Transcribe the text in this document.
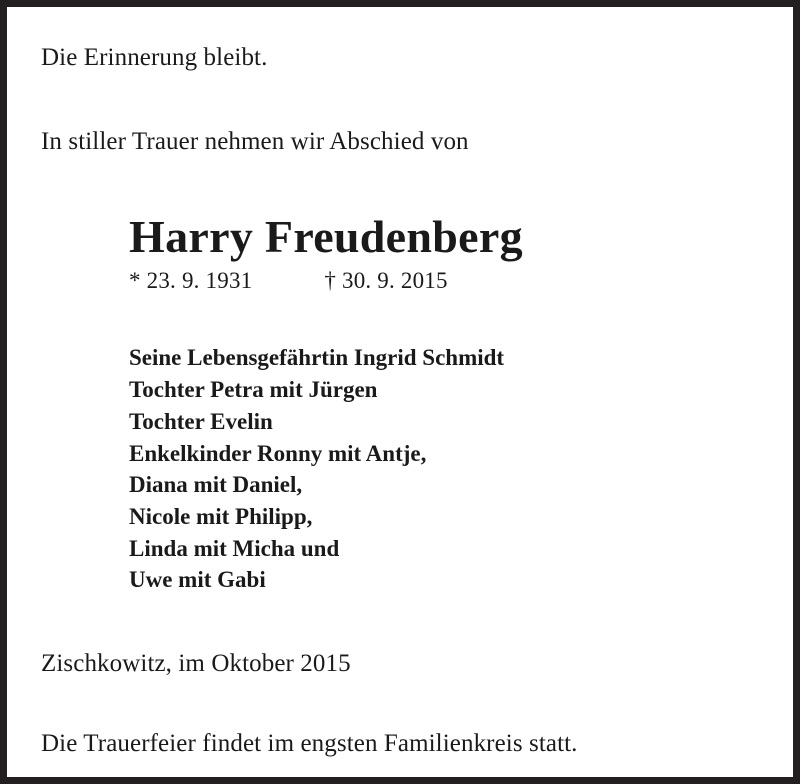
Die Erinnerung bleibt.
In stiller Trauer nehmen wir Abschied von
Harry Freudenberg
* 23. 9. 1931	† 30. 9. 2015
Seine Lebensgefährtin Ingrid Schmidt
Tochter Petra mit Jürgen
Tochter Evelin
Enkelkinder Ronny mit Antje,
Diana mit Daniel,
Nicole mit Philipp,
Linda mit Micha und
Uwe mit Gabi
Zischkowitz, im Oktober 2015
Die Trauerfeier findet im engsten Familienkreis statt.
